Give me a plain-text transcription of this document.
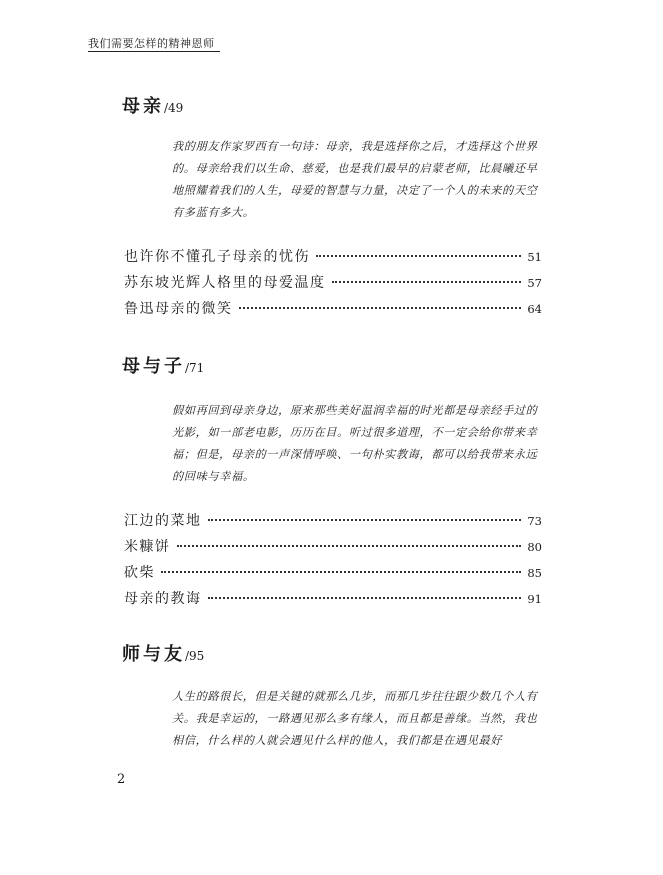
我们需要怎样的精神恩师
母亲/49
我的朋友作家罗西有一句诗：母亲，我是选择你之后，才选择这个世界的。母亲给我们以生命、慈爱，也是我们最早的启蒙老师，比晨曦还早地照耀着我们的人生，母爱的智慧与力量，决定了一个人的未来的天空有多蓝有多大。
也许你不懂孔子母亲的忧伤	51
苏东坡光辉人格里的母爱温度	57
鲁迅母亲的微笑	64
母与子/71
假如再回到母亲身边，原来那些美好温润幸福的时光都是母亲经手过的光影，如一部老电影，历历在目。听过很多道理，不一定会给你带来幸福；但是，母亲的一声深情呼唤、一句朴实教诲，都可以给我带来永远的回味与幸福。
江边的菜地	73
米糠饼	80
砍柴	85
母亲的教诲	91
师与友/95
人生的路很长，但是关键的就那么几步，而那几步往往跟少数几个人有关。我是幸运的，一路遇见那么多有缘人，而且都是善缘。当然，我也相信，什么样的人就会遇见什么样的他人，我们都是在遇见最好
2
